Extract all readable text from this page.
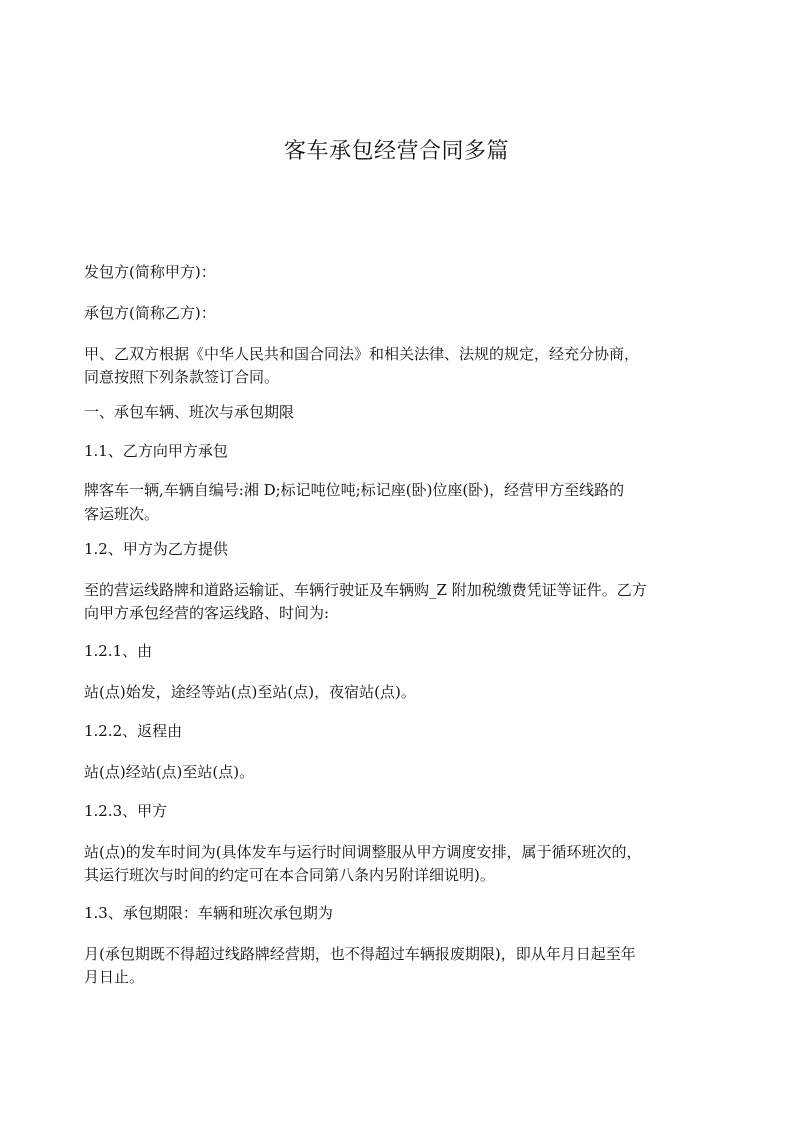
客车承包经营合同多篇

发包方(简称甲方)：

承包方(简称乙方)：

甲、乙双方根据《中华人民共和国合同法》和相关法律、法规的规定，经充分协商，

同意按照下列条款签订合同。

一、承包车辆、班次与承包期限

1.1、乙方向甲方承包

牌客车一辆,车辆自编号:湘 D;标记吨位吨;标记座(卧)位座(卧)，经营甲方至线路的

客运班次。

1.2、甲方为乙方提供

至的营运线路牌和道路运输证、车辆行驶证及车辆购_Z 附加税缴费凭证等证件。乙方

向甲方承包经营的客运线路、时间为:

1.2.1、由

站(点)始发，途经等站(点)至站(点)，夜宿站(点)。

1.2.2、返程由

站(点)经站(点)至站(点)。

1.2.3、甲方

站(点)的发车时间为(具体发车与运行时间调整服从甲方调度安排，属于循环班次的，

其运行班次与时间的约定可在本合同第八条内另附详细说明)。

1.3、承包期限：车辆和班次承包期为

月(承包期既不得超过线路牌经营期，也不得超过车辆报废期限)，即从年月日起至年

月日止。
